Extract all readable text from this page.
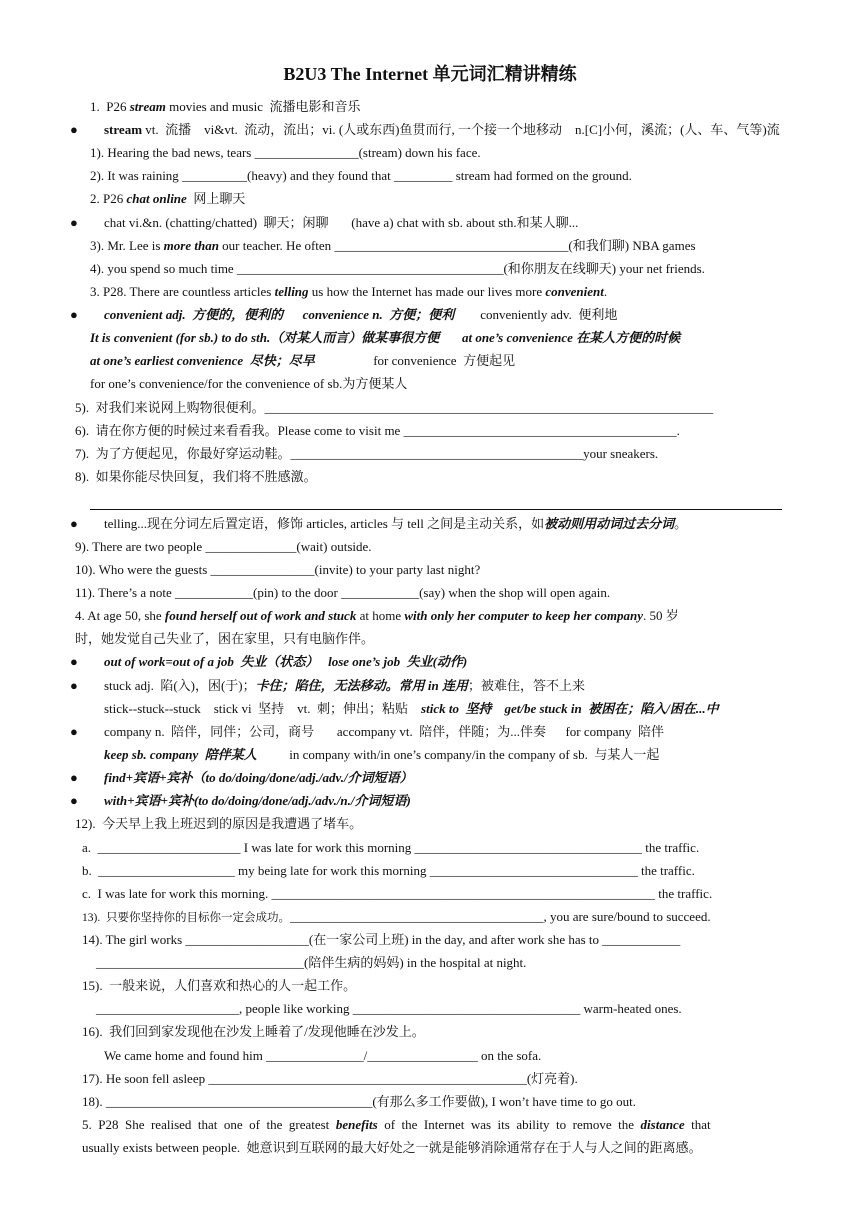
B2U3 The Internet 单元词汇精讲精练
1.  P26 stream movies and music  流播电影和音乐
● stream vt.  流播    vi&vt.  流动，流出；vi. (人或东西)鱼贯而行, 一个接一个地移动    n.[C]小何，溪流；(人、车、气等)流
1). Hearing the bad news, tears ________________(stream) down his face.
2). It was raining __________(heavy) and they found that _________ stream had formed on the ground.
2. P26 chat online  网上聊天
● chat vi.&n. (chatting/chatted)  聊天；闲聊       (have a) chat with sb. about sth.和某人聊...
3). Mr. Lee is more than our teacher. He often ____________________________________(和我们聊) NBA games
4). you spend so much time _________________________________________(和你朋友在线聊天) your net friends.
3. P28. There are countless articles telling us how the Internet has made our lives more convenient.
● convenient adj.  方便的，便利的      convenience n.  方便；便利        conveniently adv.  便利地
It is convenient (for sb.) to do sth.（对某人而言）做某事很方便       at one’s convenience 在某人方便的时候
at one’s earliest convenience  尽快；尽早                  for convenience  方便起见
for one’s convenience/for the convenience of sb.为方便某人
5).  对我们来说网上购物很便利。_____________________________________________________________________
6).  请在你方便的时候过来看看我。Please come to visit me __________________________________________.
7).  为了方便起见，你最好穿运动鞋。_____________________________________________your sneakers.
8).  如果你能尽快回复，我们将不胜感激。
● telling...现在分词左后置定语，修饰 articles, articles 与 tell 之间是主动关系，如被动则用动词过去分词。
9). There are two people ______________(wait) outside.
10). Who were the guests ________________(invite) to your party last night?
11). There’s a note ____________(pin) to the door ____________(say) when the shop will open again.
4. At age 50, she found herself out of work and stuck at home with only her computer to keep her company. 50 岁
时，她发觉自己失业了，困在家里，只有电脑作伴。
● out of work=out of a job  失业（状态）   lose one’s job  失业(动作)
● stuck adj.  陷(入)，困(于)；卡住；陷住，无法移动。常用 in 连用；被难住，答不上来
stick--stuck--stuck    stick vi  坚持    vt.  刺；伸出；粘贴    stick to  坚持    get/be stuck in  被困在；陷入/困在...中
● company n.  陪伴，同伴；公司，商号       accompany vt.  陪伴，伴随；为...伴奏      for company  陪伴
keep sb. company  陪伴某人          in company with/in one’s company/in the company of sb.  与某人一起
● find+宾语+宾补（to do/doing/done/adj./adv./介词短语）
● with+宾语+宾补(to do/doing/done/adj./adv./n./介词短语)
12).  今天早上我上班迟到的原因是我遭遇了堵车。
a.  ______________________ I was late for work this morning ___________________________________ the traffic.
b.  _____________________ my being late for work this morning ________________________________ the traffic.
c.  I was late for work this morning. ___________________________________________________________ the traffic.
13).  只要你坚持你的目标你一定会成功。_______________________________________, you are sure/bound to succeed.
14). The girl works ___________________(在一家公司上班) in the day, and after work she has to ____________
________________________________(陪伴生病的妈妈) in the hospital at night.
15).  一般来说，人们喜欢和热心的人一起工作。
______________________, people like working ___________________________________ warm-heated ones.
16).  我们回到家发现他在沙发上睡着了/发现他睡在沙发上。
We came home and found him _______________/_________________ on the sofa.
17). He soon fell asleep _________________________________________________(灯亮着).
18). _________________________________________(有那么多工作要做), I won’t have time to go out.
5.  P28  She  realised  that  one  of  the  greatest  benefits  of  the  Internet  was  its  ability  to  remove  the  distance  that
usually exists between people.  她意识到互联网的最大好处之一就是能够消除通常存在于人与人之间的距离感。
